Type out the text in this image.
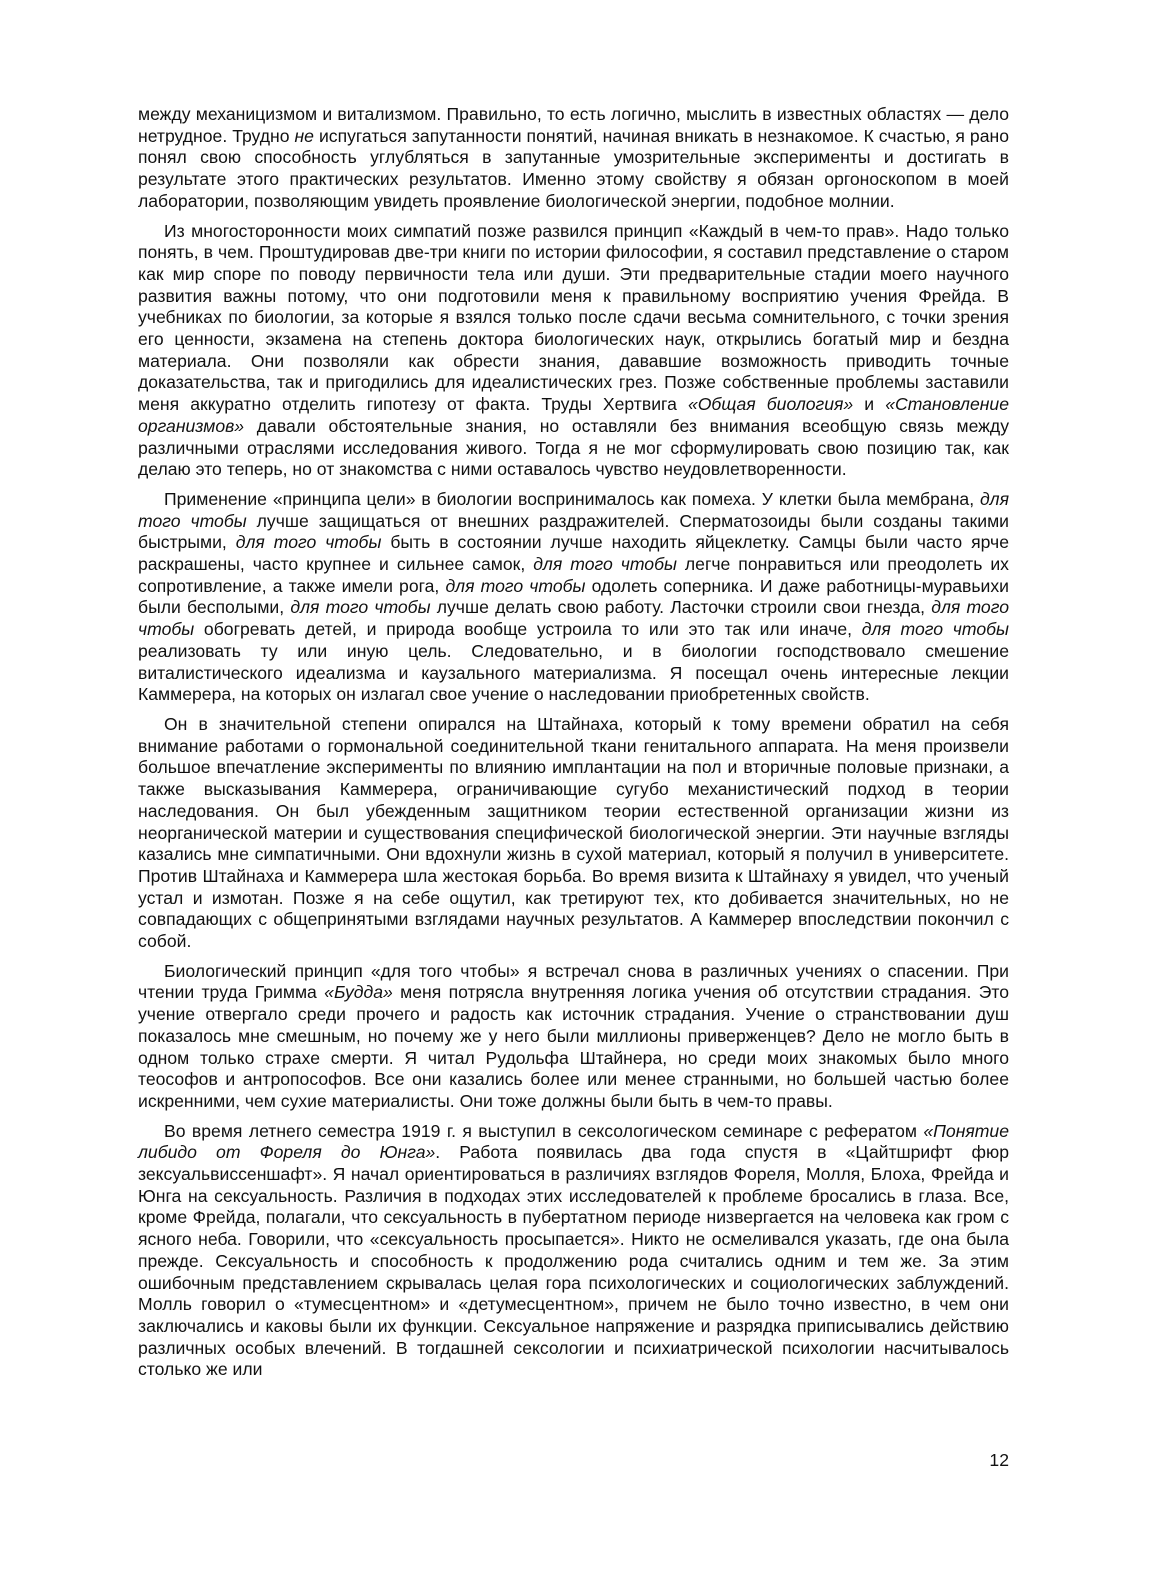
между механицизмом и витализмом. Правильно, то есть логично, мыслить в известных областях — дело нетрудное. Трудно не испугаться запутанности понятий, начиная вникать в незнакомое. К счастью, я рано понял свою способность углубляться в запутанные умозрительные эксперименты и достигать в результате этого практических результатов. Именно этому свойству я обязан оргоноскопом в моей лаборатории, позволяющим увидеть проявление биологической энергии, подобное молнии.

Из многосторонности моих симпатий позже развился принцип «Каждый в чем-то прав». Надо только понять, в чем. Проштудировав две-три книги по истории философии, я составил представление о старом как мир споре по поводу первичности тела или души. Эти предварительные стадии моего научного развития важны потому, что они подготовили меня к правильному восприятию учения Фрейда. В учебниках по биологии, за которые я взялся только после сдачи весьма сомнительного, с точки зрения его ценности, экзамена на степень доктора биологических наук, открылись богатый мир и бездна материала. Они позволяли как обрести знания, дававшие возможность приводить точные доказательства, так и пригодились для идеалистических грез. Позже собственные проблемы заставили меня аккуратно отделить гипотезу от факта. Труды Хертвига «Общая биология» и «Становление организмов» давали обстоятельные знания, но оставляли без внимания всеобщую связь между различными отраслями исследования живого. Тогда я не мог сформулировать свою позицию так, как делаю это теперь, но от знакомства с ними оставалось чувство неудовлетворенности.

Применение «принципа цели» в биологии воспринималось как помеха. У клетки была мембрана, для того чтобы лучше защищаться от внешних раздражителей. Сперматозоиды были созданы такими быстрыми, для того чтобы быть в состоянии лучше находить яйцеклетку. Самцы были часто ярче раскрашены, часто крупнее и сильнее самок, для того чтобы легче понравиться или преодолеть их сопротивление, а также имели рога, для того чтобы одолеть соперника. И даже работницы-муравьихи были бесполыми, для того чтобы лучше делать свою работу. Ласточки строили свои гнезда, для того чтобы обогревать детей, и природа вообще устроила то или это так или иначе, для того чтобы реализовать ту или иную цель. Следовательно, и в биологии господствовало смешение виталистического идеализма и каузального материализма. Я посещал очень интересные лекции Каммерера, на которых он излагал свое учение о наследовании приобретенных свойств.

Он в значительной степени опирался на Штайнаха, который к тому времени обратил на себя внимание работами о гормональной соединительной ткани генитального аппарата. На меня произвели большое впечатление эксперименты по влиянию имплантации на пол и вторичные половые признаки, а также высказывания Каммерера, ограничивающие сугубо механистический подход в теории наследования. Он был убежденным защитником теории естественной организации жизни из неорганической материи и существования специфической биологической энергии. Эти научные взгляды казались мне симпатичными. Они вдохнули жизнь в сухой материал, который я получил в университете. Против Штайнаха и Каммерера шла жестокая борьба. Во время визита к Штайнаху я увидел, что ученый устал и измотан. Позже я на себе ощутил, как третируют тех, кто добивается значительных, но не совпадающих с общепринятыми взглядами научных результатов. А Каммерер впоследствии покончил с собой.

Биологический принцип «для того чтобы» я встречал снова в различных учениях о спасении. При чтении труда Гримма «Будда» меня потрясла внутренняя логика учения об отсутствии страдания. Это учение отвергало среди прочего и радость как источник страдания. Учение о странствовании душ показалось мне смешным, но почему же у него были миллионы приверженцев? Дело не могло быть в одном только страхе смерти. Я читал Рудольфа Штайнера, но среди моих знакомых было много теософов и антропософов. Все они казались более или менее странными, но большей частью более искренними, чем сухие материалисты. Они тоже должны были быть в чем-то правы.

Во время летнего семестра 1919 г. я выступил в сексологическом семинаре с рефератом «Понятие либидо от Фореля до Юнга». Работа появилась два года спустя в «Цайтшрифт фюр зексуальвиссеншафт». Я начал ориентироваться в различиях взглядов Фореля, Молля, Блоха, Фрейда и Юнга на сексуальность. Различия в подходах этих исследователей к проблеме бросались в глаза. Все, кроме Фрейда, полагали, что сексуальность в пубертатном периоде низвергается на человека как гром с ясного неба. Говорили, что «сексуальность просыпается». Никто не осмеливался указать, где она была прежде. Сексуальность и способность к продолжению рода считались одним и тем же. За этим ошибочным представлением скрывалась целая гора психологических и социологических заблуждений. Молль говорил о «тумесцентном» и «детумесцентном», причем не было точно известно, в чем они заключались и каковы были их функции. Сексуальное напряжение и разрядка приписывались действию различных особых влечений. В тогдашней сексологии и психиатрической психологии насчитывалось столько же или

12
